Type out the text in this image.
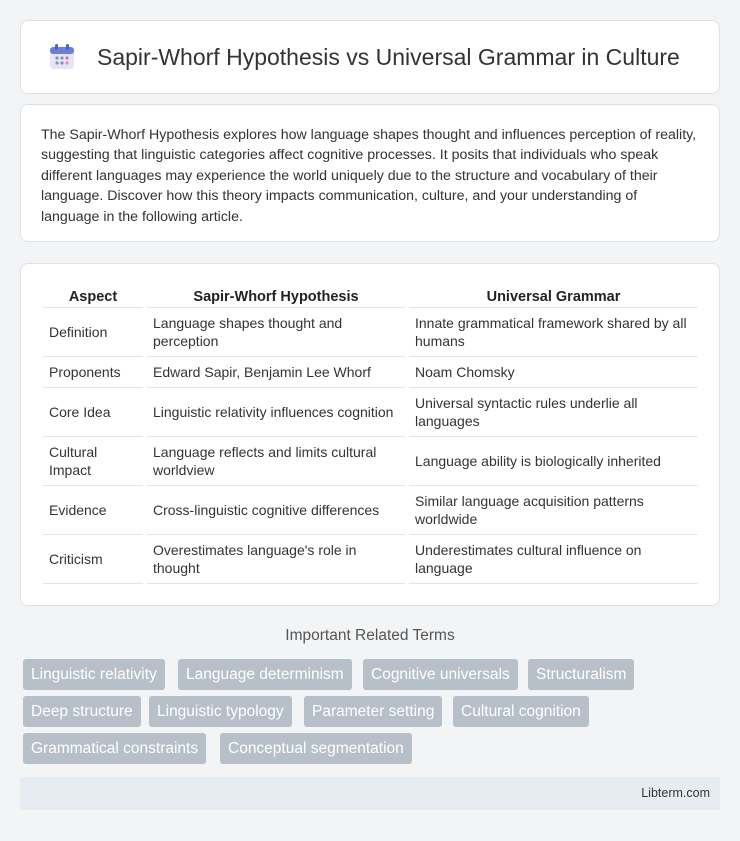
Sapir-Whorf Hypothesis vs Universal Grammar in Culture

The Sapir-Whorf Hypothesis explores how language shapes thought and influences perception of reality, suggesting that linguistic categories affect cognitive processes. It posits that individuals who speak different languages may experience the world uniquely due to the structure and vocabulary of their language. Discover how this theory impacts communication, culture, and your understanding of language in the following article.

Aspect	Sapir-Whorf Hypothesis	Universal Grammar
Definition	Language shapes thought and perception	Innate grammatical framework shared by all humans
Proponents	Edward Sapir, Benjamin Lee Whorf	Noam Chomsky
Core Idea	Linguistic relativity influences cognition	Universal syntactic rules underlie all languages
Cultural Impact	Language reflects and limits cultural worldview	Language ability is biologically inherited
Evidence	Cross-linguistic cognitive differences	Similar language acquisition patterns worldwide
Criticism	Overestimates language's role in thought	Underestimates cultural influence on language
Important Related Terms
Linguistic relativity	Language determinism	Cognitive universals	Structuralism
Deep structure	Linguistic typology	Parameter setting	Cultural cognition
Grammatical constraints	Conceptual segmentation
Libterm.com
